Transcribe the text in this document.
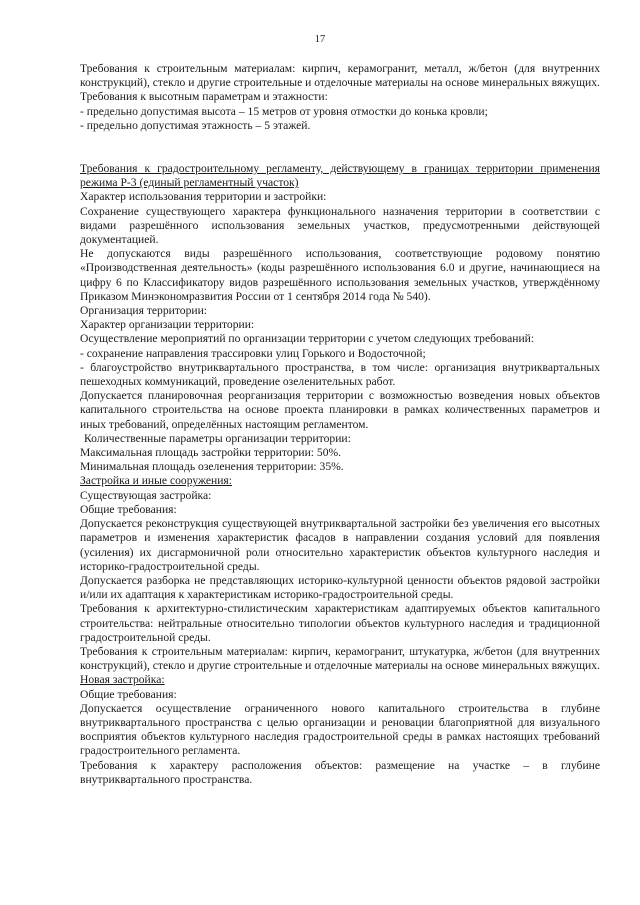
17

Требования к строительным материалам: кирпич, керамогранит, металл, ж/бетон (для внутренних конструкций), стекло и другие строительные и отделочные материалы на основе минеральных вяжущих.

Требования к высотным параметрам и этажности:

- предельно допустимая высота – 15 метров от уровня отмостки до конька кровли;

- предельно допустимая этажность – 5 этажей.

Требования к градостроительному регламенту, действующему в границах территории применения режима Р-3 (единый регламентный участок)

Характер использования территории и застройки:

Сохранение существующего характера функционального назначения территории в соответствии с видами разрешённого использования земельных участков, предусмотренными действующей документацией.

Не допускаются виды разрешённого использования, соответствующие родовому понятию «Производственная деятельность» (коды разрешённого использования 6.0 и другие, начинающиеся на цифру 6 по Классификатору видов разрешённого использования земельных участков, утверждённому Приказом Минэкономразвития России от 1 сентября 2014 года № 540).

Организация территории:

Характер организации территории:

Осуществление мероприятий по организации территории с учетом следующих требований:

- сохранение направления трассировки улиц Горького и Водосточной;

- благоустройство внутриквартального пространства, в том числе: организация внутриквартальных пешеходных коммуникаций, проведение озеленительных работ.

Допускается планировочная реорганизация территории с возможностью возведения новых объектов капитального строительства на основе проекта планировки в рамках количественных параметров и иных требований, определённых настоящим регламентом.

Количественные параметры организации территории:

Максимальная площадь застройки территории: 50%.

Минимальная площадь озеленения территории: 35%.

Застройка и иные сооружения:

Существующая застройка:

Общие требования:

Допускается реконструкция существующей внутриквартальной застройки без увеличения его высотных параметров и изменения характеристик фасадов в направлении создания условий для появления (усиления) их дисгармоничной роли относительно характеристик объектов культурного наследия и историко-градостроительной среды.

Допускается разборка не представляющих историко-культурной ценности объектов рядовой застройки и/или их адаптация к характеристикам историко-градостроительной среды.

Требования к архитектурно-стилистическим характеристикам адаптируемых объектов капитального строительства: нейтральные относительно типологии объектов культурного наследия и традиционной градостроительной среды.

Требования к строительным материалам: кирпич, керамогранит, штукатурка, ж/бетон (для внутренних конструкций), стекло и другие строительные и отделочные материалы на основе минеральных вяжущих.

Новая застройка:

Общие требования:

Допускается осуществление ограниченного нового капитального строительства в глубине внутриквартального пространства с целью организации и реновации благоприятной для визуального восприятия объектов культурного наследия градостроительной среды в рамках настоящих требований градостроительного регламента.

Требования к характеру расположения объектов: размещение на участке – в глубине внутриквартального пространства.
